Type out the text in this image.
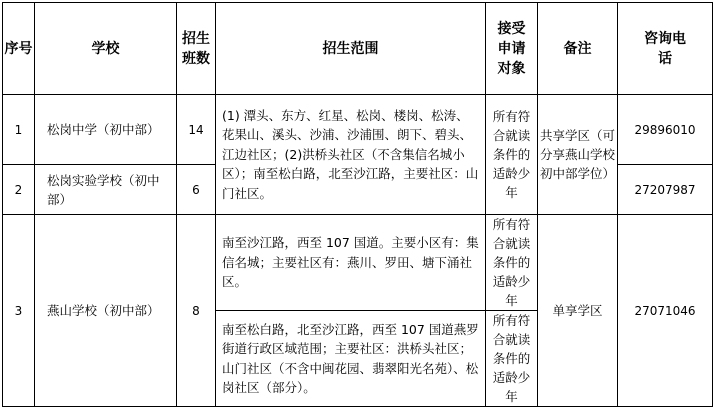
序号	学校	招生班数	招生范围	接受申请对象	备注	咨询电话
1	松岗中学（初中部）	14	(1) 潭头、东方、红星、松岗、楼岗、松涛、花果山、溪头、沙浦、沙浦围、朗下、碧头、江边社区；(2)洪桥头社区（不含集信名城小区）；南至松白路，北至沙江路，主要社区：山门社区。	所有符合就读条件的适龄少年	共享学区（可分享燕山学校初中部学位）	29896010
2	松岗实验学校（初中部）	6				27207987
3	燕山学校（初中部）	8	南至沙江路，西至 107 国道。主要小区有：集信名城；主要社区有：燕川、罗田、塘下涌社区。	所有符合就读条件的适龄少年	单享学区	27071046
			南至松白路，北至沙江路，西至 107 国道燕罗街道行政区域范围；主要社区：洪桥头社区；山门社区（不含中闽花园、翡翠阳光名苑）、松岗社区（部分）。	所有符合就读条件的适龄少年		
